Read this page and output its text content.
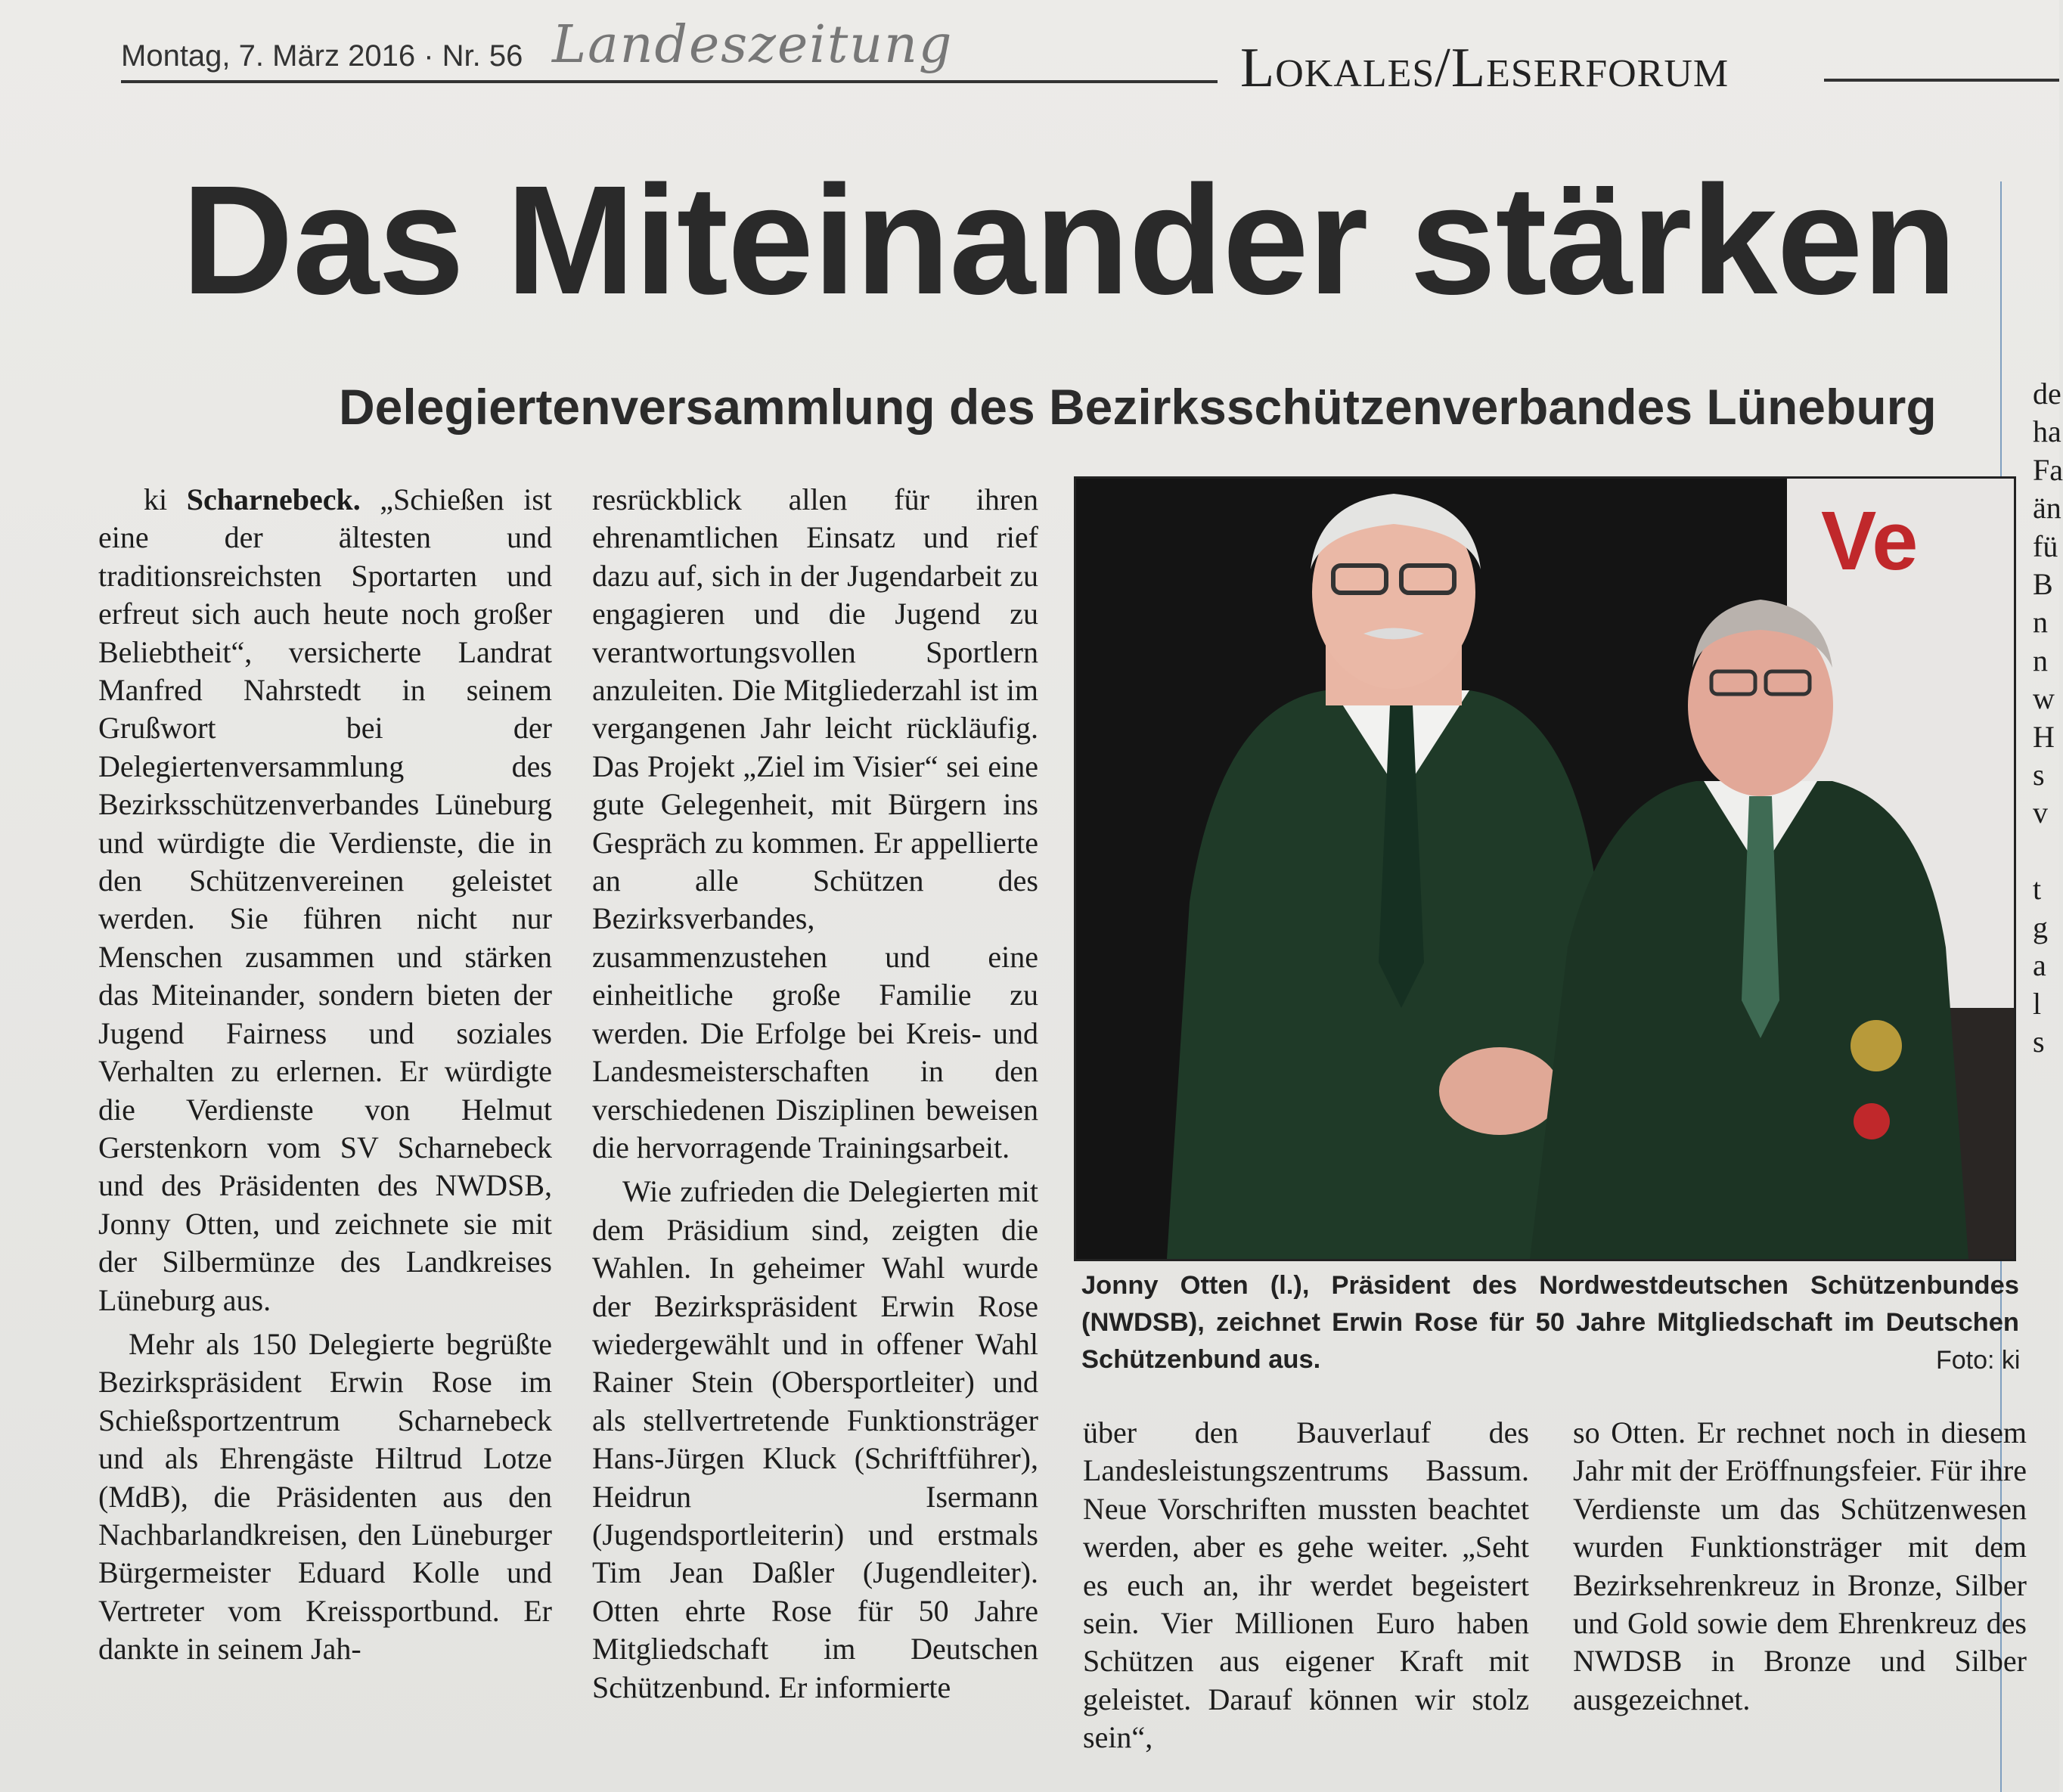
Montag, 7. März 2016 · Nr. 56 Landeszeitung	Lokales/Leserforum
Das Miteinander stärken
Delegiertenversammlung des Bezirksschützenverbandes Lüneburg

ki Scharnebeck. „Schießen ist eine der ältesten und traditionsreichsten Sportarten und erfreut sich auch heute noch großer Beliebtheit“, versicherte Landrat Manfred Nahrstedt in seinem Grußwort bei der Delegiertenversammlung des Bezirksschützenverbandes Lüneburg und würdigte die Verdienste, die in den Schützenvereinen geleistet werden. Sie führen nicht nur Menschen zusammen und stärken das Miteinander, sondern bieten der Jugend Fairness und soziales Verhalten zu erlernen. Er würdigte die Verdienste von Helmut Gerstenkorn vom SV Scharnebeck und des Präsidenten des NWDSB, Jonny Otten, und zeichnete sie mit der Silbermünze des Landkreises Lüneburg aus.

Mehr als 150 Delegierte begrüßte Bezirkspräsident Erwin Rose im Schießsportzentrum Scharnebeck und als Ehrengäste Hiltrud Lotze (MdB), die Präsidenten aus den Nachbarlandkreisen, den Lüneburger Bürgermeister Eduard Kolle und Vertreter vom Kreissportbund. Er dankte in seinem Jah-

resrückblick allen für ihren ehrenamtlichen Einsatz und rief dazu auf, sich in der Jugendarbeit zu engagieren und die Jugend zu verantwortungsvollen Sportlern anzuleiten. Die Mitgliederzahl ist im vergangenen Jahr leicht rückläufig. Das Projekt „Ziel im Visier“ sei eine gute Gelegenheit, mit Bürgern ins Gespräch zu kommen. Er appellierte an alle Schützen des Bezirksverbandes, zusammenzustehen und eine einheitliche große Familie zu werden. Die Erfolge bei Kreis- und Landesmeisterschaften in den verschiedenen Disziplinen beweisen die hervorragende Trainingsarbeit.

Wie zufrieden die Delegierten mit dem Präsidium sind, zeigten die Wahlen. In geheimer Wahl wurde der Bezirkspräsident Erwin Rose wiedergewählt und in offener Wahl Rainer Stein (Obersportleiter) und als stellvertretende Funktionsträger Hans-Jürgen Kluck (Schriftführer), Heidrun Isermann (Jugendsportleiterin) und erstmals Tim Jean Daßler (Jugendleiter). Otten ehrte Rose für 50 Jahre Mitgliedschaft im Deutschen Schützenbund. Er informierte

Ve
Jonny Otten (l.), Präsident des Nordwestdeutschen Schützenbundes (NWDSB), zeichnet Erwin Rose für 50 Jahre Mitgliedschaft im Deutschen Schützenbund aus.	Foto: ki

über den Bauverlauf des Landesleistungszentrums Bassum. Neue Vorschriften mussten beachtet werden, aber es gehe weiter. „Seht es euch an, ihr werdet begeistert sein. Vier Millionen Euro haben Schützen aus eigener Kraft mit geleistet. Darauf können wir stolz sein“,

so Otten. Er rechnet noch in diesem Jahr mit der Eröffnungsfeier. Für ihre Verdienste um das Schützenwesen wurden Funktionsträger mit dem Bezirksehrenkreuz in Bronze, Silber und Gold sowie dem Ehrenkreuz des NWDSB in Bronze und Silber ausgezeichnet.

de
ha
Fa
än
fü
B
n
n
w
H
s
v

t
g
a
l
s
